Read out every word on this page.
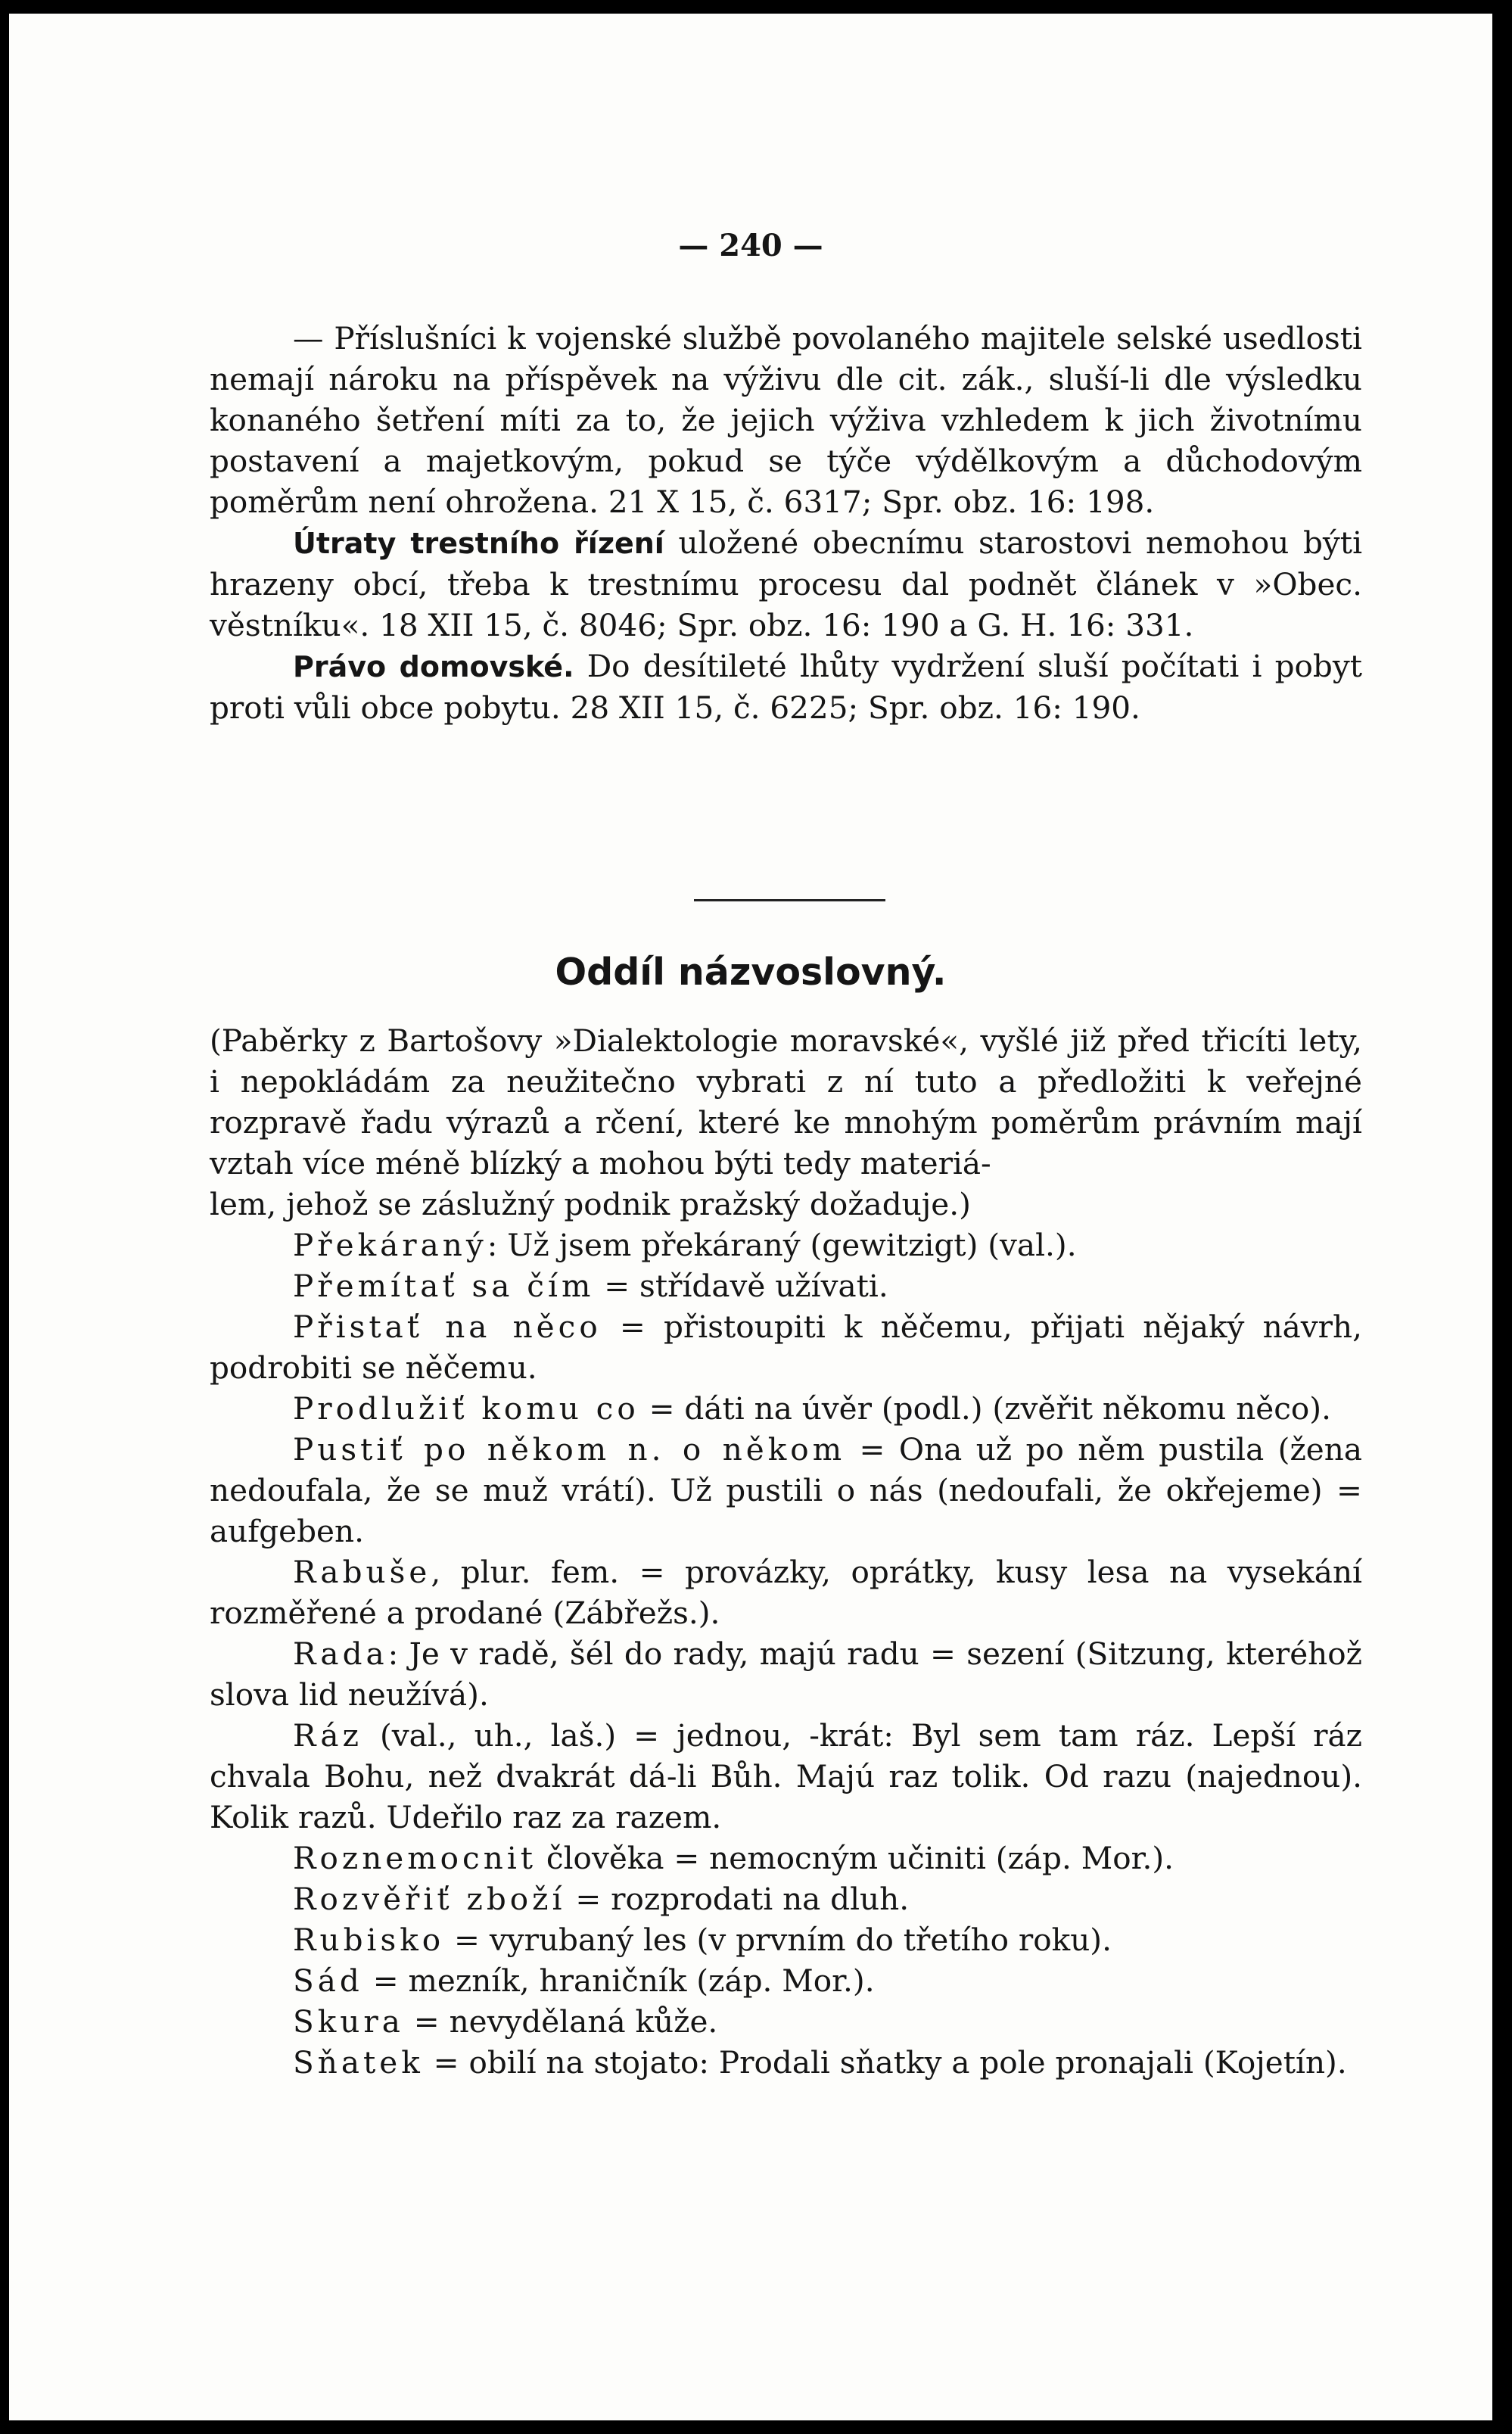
— 240 —

— Příslušníci k vojenské službě povolaného majitele selské usedlosti nemají nároku na příspěvek na výživu dle cit. zák., sluší-li dle výsledku konaného šetření míti za to, že jejich výživa vzhledem k jich životnímu postavení a majetkovým, pokud se týče výdělkovým a důchodovým poměrům není ohrožena. 21 X 15, č. 6317; Spr. obz. 16: 198.

Útraty trestního řízení uložené obecnímu starostovi nemohou býti hrazeny obcí, třeba k trestnímu procesu dal podnět článek v »Obec. věstníku«. 18 XII 15, č. 8046; Spr. obz. 16: 190 a G. H. 16: 331.

Právo domovské. Do desítileté lhůty vydržení sluší počítati i pobyt proti vůli obce pobytu. 28 XII 15, č. 6225; Spr. obz. 16: 190.

Oddíl názvoslovný.

(Paběrky z Bartošovy »Dialektologie moravské«, vyšlé již před třicíti lety, i nepokládám za neužitečno vybrati z ní tuto a předložiti k veřejné rozpravě řadu výrazů a rčení, které ke mnohým poměrům právním mají vztah více méně blízký a mohou býti tedy materiá-

lem, jehož se záslužný podnik pražský dožaduje.)

Překáraný: Už jsem překáraný (gewitzigt) (val.).

Přemítať sa čím = střídavě užívati.

Přistať na něco = přistoupiti k něčemu, přijati nějaký návrh, podrobiti se něčemu.

Prodlužiť komu co = dáti na úvěr (podl.) (zvěřit někomu něco).

Pustiť po někom n. o někom = Ona už po něm pustila (žena nedoufala, že se muž vrátí). Už pustili o nás (nedoufali, že okřejeme) = aufgeben.

Rabuše, plur. fem. = provázky, oprátky, kusy lesa na vysekání rozměřené a prodané (Zábřežs.).

Rada: Je v radě, šél do rady, majú radu = sezení (Sitzung, kteréhož slova lid neužívá).

Ráz (val., uh., laš.) = jednou, -krát: Byl sem tam ráz. Lepší ráz chvala Bohu, než dvakrát dá-li Bůh. Majú raz tolik. Od razu (najednou). Kolik razů. Udeřilo raz za razem.

Roznemocnit člověka = nemocným učiniti (záp. Mor.).

Rozvěřiť zboží = rozprodati na dluh.

Rubisko = vyrubaný les (v prvním do třetího roku).

Sád = mezník, hraničník (záp. Mor.).

Skura = nevydělaná kůže.

Sňatek = obilí na stojato: Prodali sňatky a pole pronajali (Kojetín).
